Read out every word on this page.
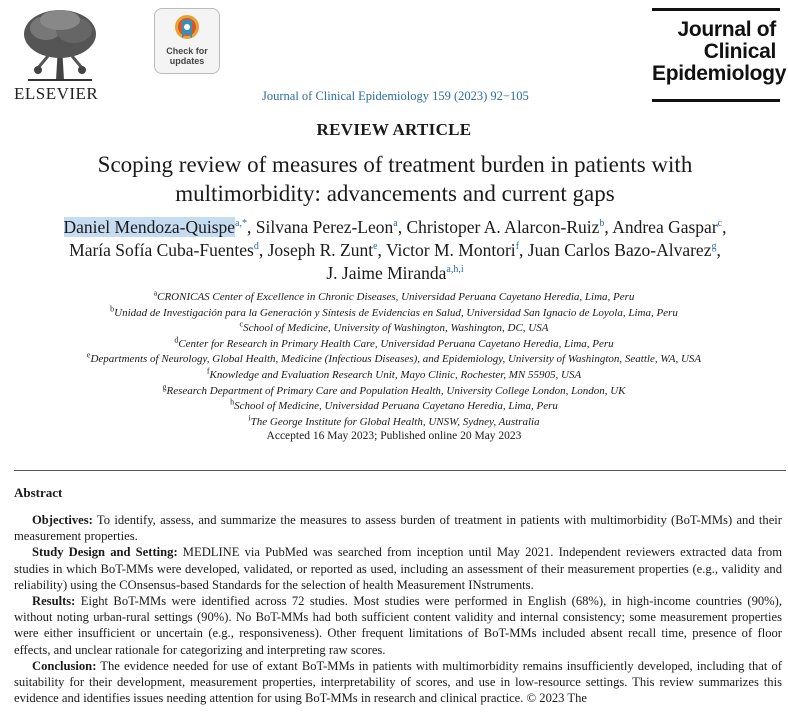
ELSEVIER
Check for
updates
Journal of Clinical Epidemiology 159 (2023) 92−105
Journal of
Clinical
Epidemiology
REVIEW ARTICLE
Scoping review of measures of treatment burden in patients with multimorbidity: advancements and current gaps
Daniel Mendoza-Quispe$^{a,*}$, Silvana Perez-Leon$^a$, Christoper A. Alarcon-Ruiz$^b$, Andrea Gaspar$^c$,
María Sofía Cuba-Fuentes$^d$, Joseph R. Zunt$^e$, Victor M. Montori$^f$, Juan Carlos Bazo-Alvarez$^g$,
J. Jaime Miranda$^{a,h,i}$
$^a$CRONICAS Center of Excellence in Chronic Diseases, Universidad Peruana Cayetano Heredia, Lima, Peru
$^b$Unidad de Investigación para la Generación y Síntesis de Evidencias en Salud, Universidad San Ignacio de Loyola, Lima, Peru
$^c$School of Medicine, University of Washington, Washington, DC, USA
$^d$Center for Research in Primary Health Care, Universidad Peruana Cayetano Heredia, Lima, Peru
$^e$Departments of Neurology, Global Health, Medicine (Infectious Diseases), and Epidemiology, University of Washington, Seattle, WA, USA
$^f$Knowledge and Evaluation Research Unit, Mayo Clinic, Rochester, MN 55905, USA
$^g$Research Department of Primary Care and Population Health, University College London, London, UK
$^h$School of Medicine, Universidad Peruana Cayetano Heredia, Lima, Peru
$^i$The George Institute for Global Health, UNSW, Sydney, Australia
Accepted 16 May 2023; Published online 20 May 2023
Abstract

Objectives: To identify, assess, and summarize the measures to assess burden of treatment in patients with multimorbidity (BoT-MMs) and their measurement properties.

Study Design and Setting: MEDLINE via PubMed was searched from inception until May 2021. Independent reviewers extracted data from studies in which BoT-MMs were developed, validated, or reported as used, including an assessment of their measurement properties (e.g., validity and reliability) using the COnsensus-based Standards for the selection of health Measurement INstruments.

Results: Eight BoT-MMs were identified across 72 studies. Most studies were performed in English (68%), in high-income countries (90%), without noting urban-rural settings (90%). No BoT-MMs had both sufficient content validity and internal consistency; some measurement properties were either insufficient or uncertain (e.g., responsiveness). Other frequent limitations of BoT-MMs included absent recall time, presence of floor effects, and unclear rationale for categorizing and interpreting raw scores.

Conclusion: The evidence needed for use of extant BoT-MMs in patients with multimorbidity remains insufficiently developed, including that of suitability for their development, measurement properties, interpretability of scores, and use in low-resource settings. This review summarizes this evidence and identifies issues needing attention for using BoT-MMs in research and clinical practice. © 2023 The
